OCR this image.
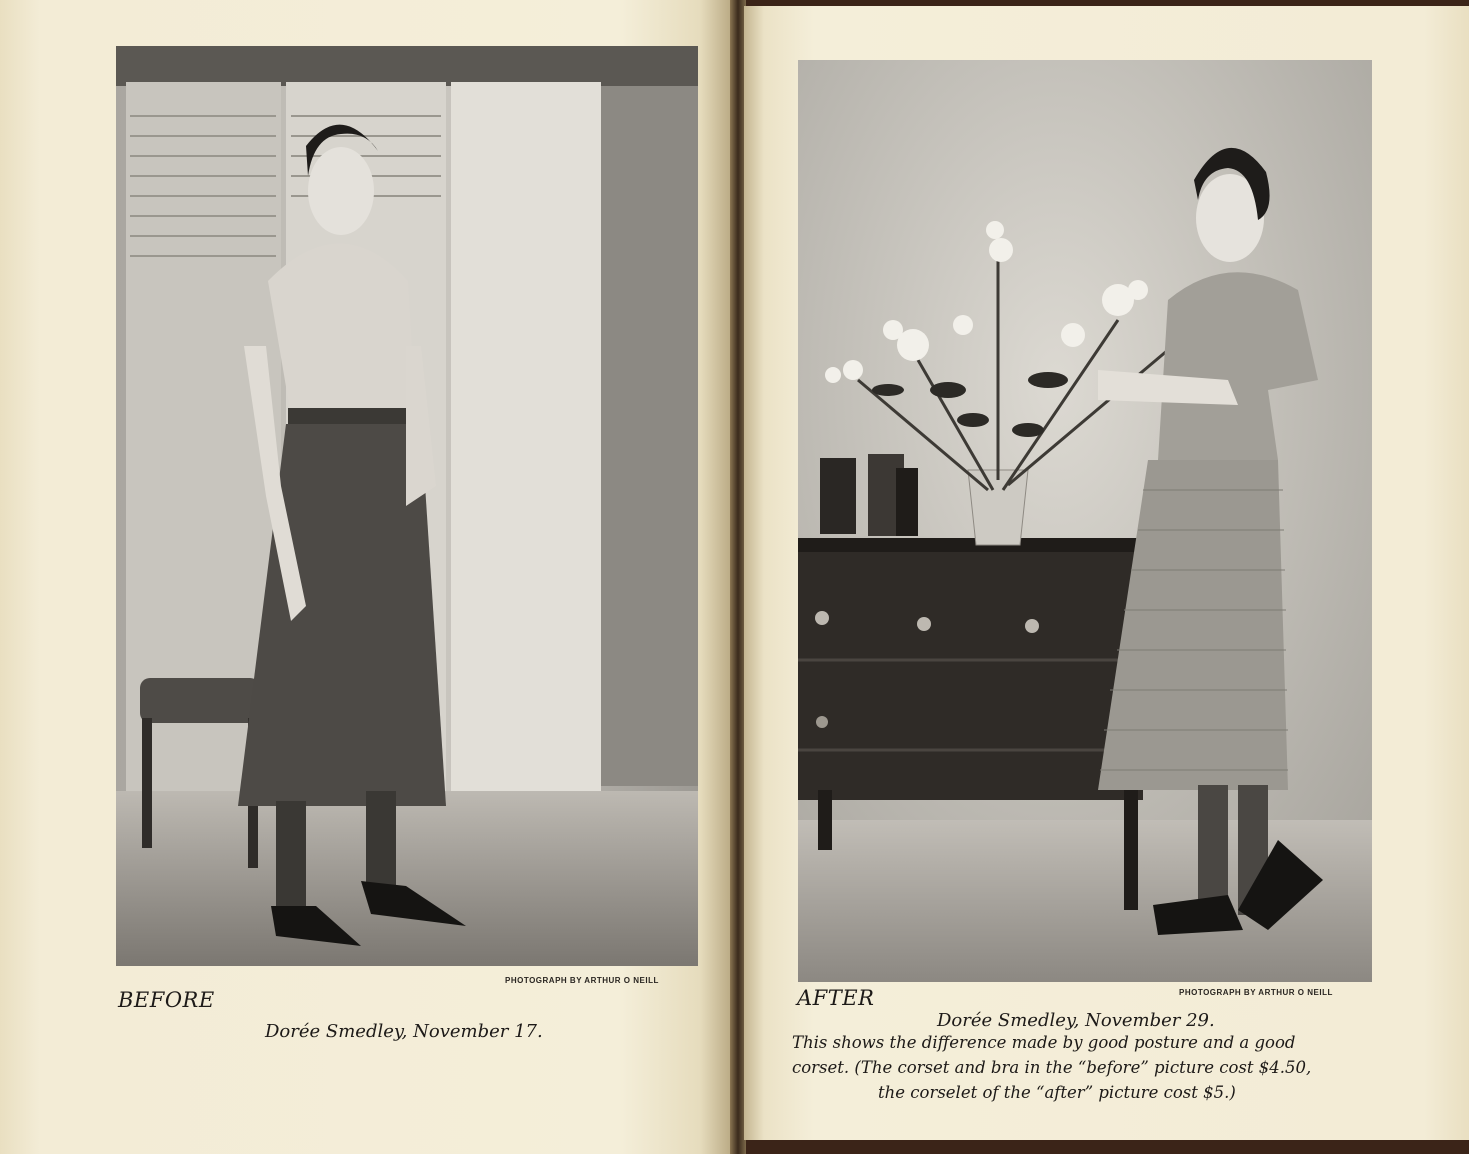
PHOTOGRAPH BY ARTHUR O NEILL
BEFORE
Dorée Smedley, November 17.
PHOTOGRAPH BY ARTHUR O NEILL
AFTER
Dorée Smedley, November 29.
This shows the difference made by good posture and a good
corset. (The corset and bra in the “before” picture cost $4.50,
the corselet of the “after” picture cost $5.)
